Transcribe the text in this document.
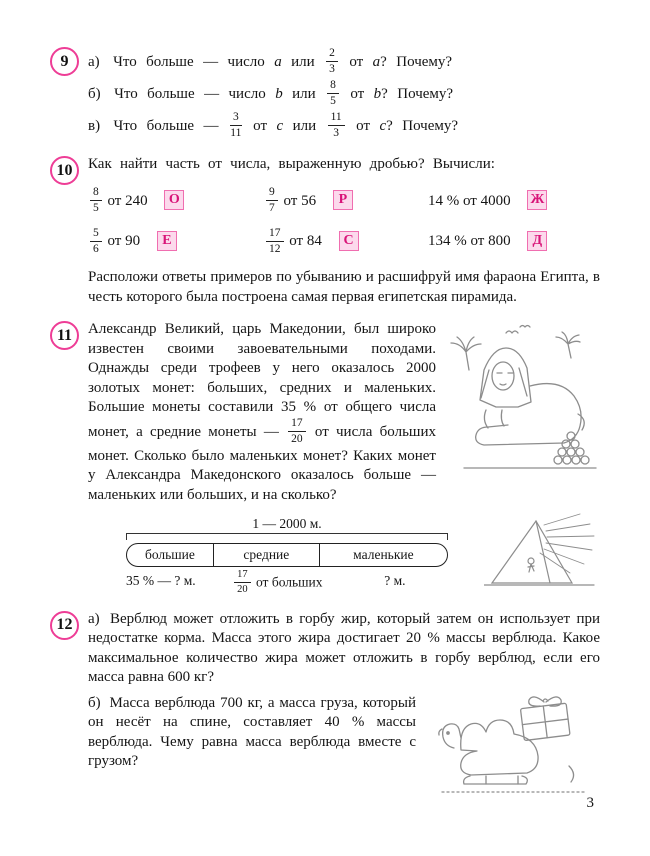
9	а) Что больше — число a или $\frac{2}{3}$ от a? Почему?
б) Что больше — число b или $\frac{8}{5}$ от b? Почему?
в) Что больше — $\frac{3}{11}$ от c или $\frac{11}{3}$ от c? Почему?
10	Как найти часть от числа, выраженную дробью? Вычисли:

$\frac{8}{5}$ от 240 О	$\frac{9}{7}$ от 56 Р	14 % от 4000 Ж
$\frac{5}{6}$ от 90 Е	$\frac{17}{12}$ от 84 С	134 % от 800 Д

Расположи ответы примеров по убыванию и расшифруй имя фараона Египта, в честь которого была построена самая первая египетская пирамида.

11	Александр Великий, царь Македонии, был широко известен своими завоевательными походами. Однажды среди трофеев у него оказалось 2000 золотых монет: больших, средних и маленьких. Большие монеты составили 35 % от общего числа монет, а средние монеты — $\frac{17}{20}$ от числа больших монет. Сколько было маленьких монет? Каких монет у Александра Македонского оказалось больше — маленьких или больших, и на сколько?

1 — 2000 м.
большие	средние	маленькие
35 % — ? м.	$\frac{17}{20}$ от больших	? м.
12	а) Верблюд может отложить в горбу жир, который затем он использует при недостатке корма. Масса этого жира достигает 20 % массы верблюда. Какое максимальное количество жира может отложить в горбу верблюд, если его масса равна 600 кг?

б) Масса верблюда 700 кг, а масса груза, который он несёт на спине, составляет 40 % массы верблюда. Чему равна масса верблюда вместе с грузом?

3
